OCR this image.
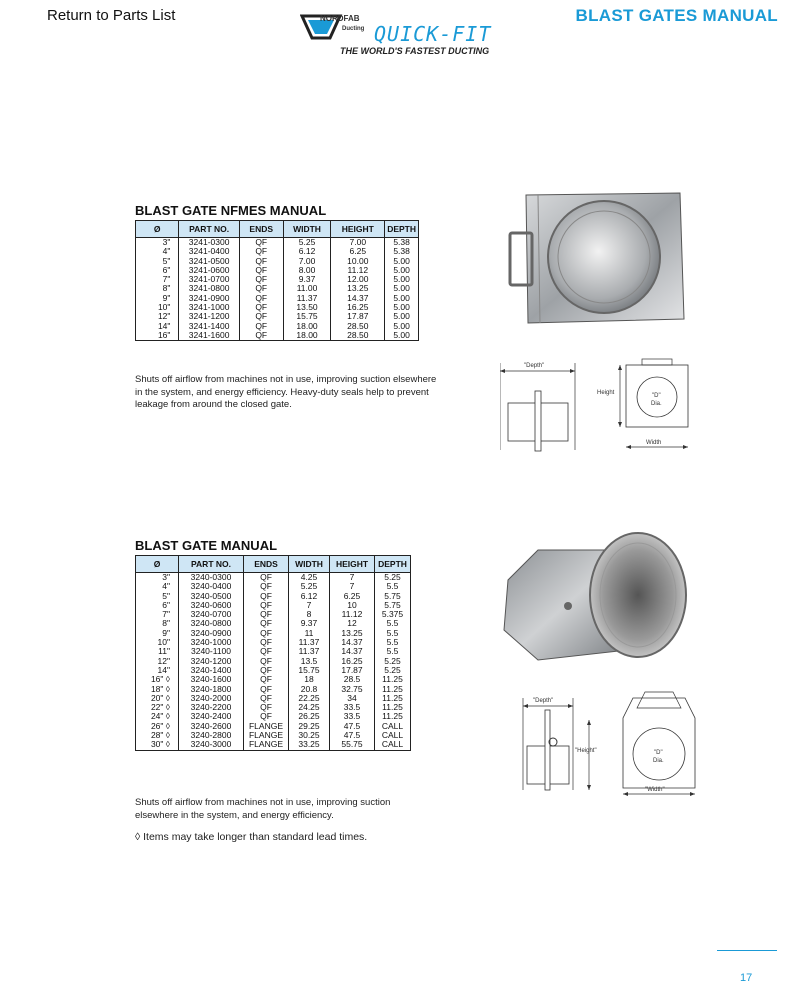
Return to Parts List	NORDFAB
Ducting QUICK-FIT
THE WORLD'S FASTEST DUCTING
BLAST GATES MANUAL
BLAST GATE NFMES MANUAL
Ø	PART NO.	ENDS	WIDTH	HEIGHT	DEPTH
3"	3241-0300	QF	5.25	7.00	5.38
4"	3241-0400	QF	6.12	6.25	5.38
5"	3241-0500	QF	7.00	10.00	5.00
6"	3241-0600	QF	8.00	11.12	5.00
7"	3241-0700	QF	9.37	12.00	5.00
8"	3241-0800	QF	11.00	13.25	5.00
9"	3241-0900	QF	11.37	14.37	5.00
10"	3241-1000	QF	13.50	16.25	5.00
12"	3241-1200	QF	15.75	17.87	5.00
14"	3241-1400	QF	18.00	28.50	5.00
16"	3241-1600	QF	18.00	28.50	5.00
Shuts off airflow from machines not in use, improving suction elsewhere in the system, and energy efficiency. Heavy-duty seals help to prevent leakage from around the closed gate.
"Depth"
"D"
Dia.
Height
Width
BLAST GATE MANUAL
Ø	PART NO.	ENDS	WIDTH	HEIGHT	DEPTH
3"	3240-0300	QF	4.25	7	5.25
4"	3240-0400	QF	5.25	7	5.5
5"	3240-0500	QF	6.12	6.25	5.75
6"	3240-0600	QF	7	10	5.75
7"	3240-0700	QF	8	11.12	5.375
8"	3240-0800	QF	9.37	12	5.5
9"	3240-0900	QF	11	13.25	5.5
10"	3240-1000	QF	11.37	14.37	5.5
11"	3240-1100	QF	11.37	14.37	5.5
12"	3240-1200	QF	13.5	16.25	5.25
14"	3240-1400	QF	15.75	17.87	5.25
16" ◊	3240-1600	QF	18	28.5	11.25
18" ◊	3240-1800	QF	20.8	32.75	11.25
20" ◊	3240-2000	QF	22.25	34	11.25
22" ◊	3240-2200	QF	24.25	33.5	11.25
24" ◊	3240-2400	QF	26.25	33.5	11.25
26" ◊	3240-2600	FLANGE	29.25	47.5	CALL
28" ◊	3240-2800	FLANGE	30.25	47.5	CALL
30" ◊	3240-3000	FLANGE	33.25	55.75	CALL
Shuts off airflow from machines not in use, improving suction elsewhere in the system, and energy efficiency.
◊ Items may take longer than standard lead times.
"Depth"
"Height"	"D"
Dia.
"Width"
17
